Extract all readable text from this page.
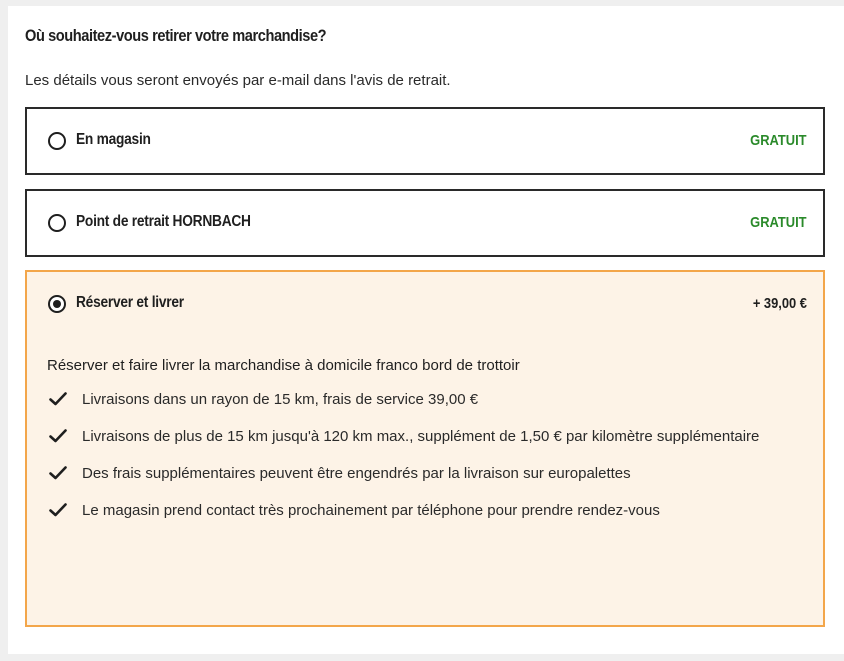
Où souhaitez-vous retirer votre marchandise?

Les détails vous seront envoyés par e-mail dans l'avis de retrait.

En magasin	GRATUIT
Point de retrait HORNBACH	GRATUIT
Réserver et livrer	+ 39,00 €

Réserver et faire livrer la marchandise à domicile franco bord de trottoir

Livraisons dans un rayon de 15 km, frais de service 39,00 €
Livraisons de plus de 15 km jusqu'à 120 km max., supplément de 1,50 € par kilomètre supplémentaire
Des frais supplémentaires peuvent être engendrés par la livraison sur europalettes
Le magasin prend contact très prochainement par téléphone pour prendre rendez-vous
